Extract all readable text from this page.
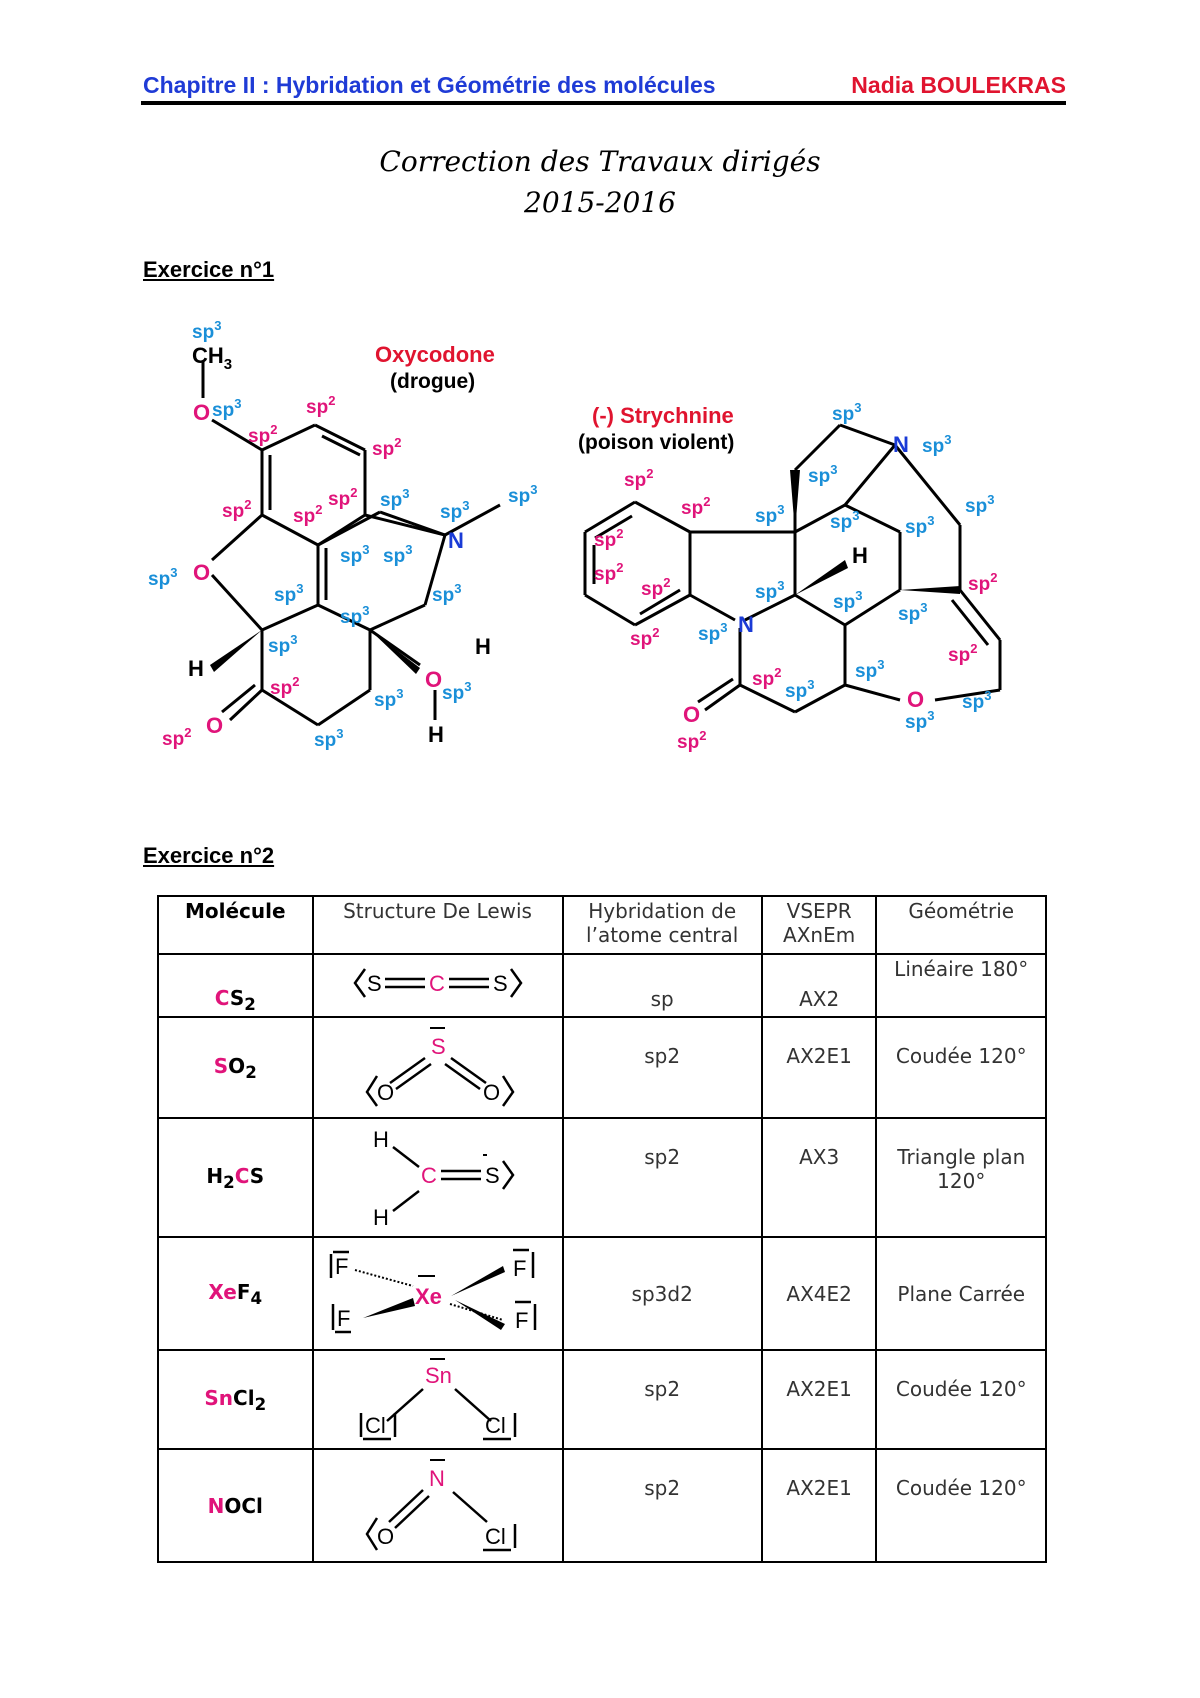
Chapitre II : Hybridation et Géométrie des molécules	Nadia BOULEKRAS
Correction des Travaux dirigés
2015-2016
Exercice n°1
$sp^3$
$CH_3$
O $sp^3$	$sp^2$
$sp^2$
$sp^2$
$sp^2$
$sp^2$ $sp^2$ $sp^3$
$sp^3$ $sp^3$
N
$sp^3$ $sp^3$
$sp^3$ O
$sp^3$	$sp^3$
$sp^3$
$sp^3$
H
H
$sp^2$	O
$sp^3$
$sp^3$
H
$sp^2$ O
$sp^3$
Oxycodone
(drogue)
$sp^3$
N $sp^3$
$sp^3$
$sp^2$
$sp^2$
$sp^3$
$sp^3$
$sp^3$
$sp^3$
$sp^2$
$sp^2$
$sp^2$
H
$sp^3$
$sp^3$
$sp^3$
$sp^2$
$sp^3$ N
$sp^2$
$sp^2$
$sp^2$	$sp^3$
$sp^3$
O $sp^3$
$sp^3$
O
$sp^2$
(-) Strychnine
(poison violent)
Exercice n°2
Molécule	Structure De Lewis	Hybridation de l’atome central	VSEPR AXnEm	Géométrie
$CS_2$	S C S	sp	AX2	Linéaire 180°
$SO_2$	S
O O	sp2	AX2E1	Coudée 120°
$H_2CS$	H
C
H
S	sp2	AX3	Triangle plan 120°
XeF$_4$	F
F
Xe
F
F	sp3d2	AX4E2	Plane Carrée
SnCl$_2$	Sn
Cl Cl	sp2	AX2E1	Coudée 120°
NOCl	N
O Cl	sp2	AX2E1	Coudée 120°
